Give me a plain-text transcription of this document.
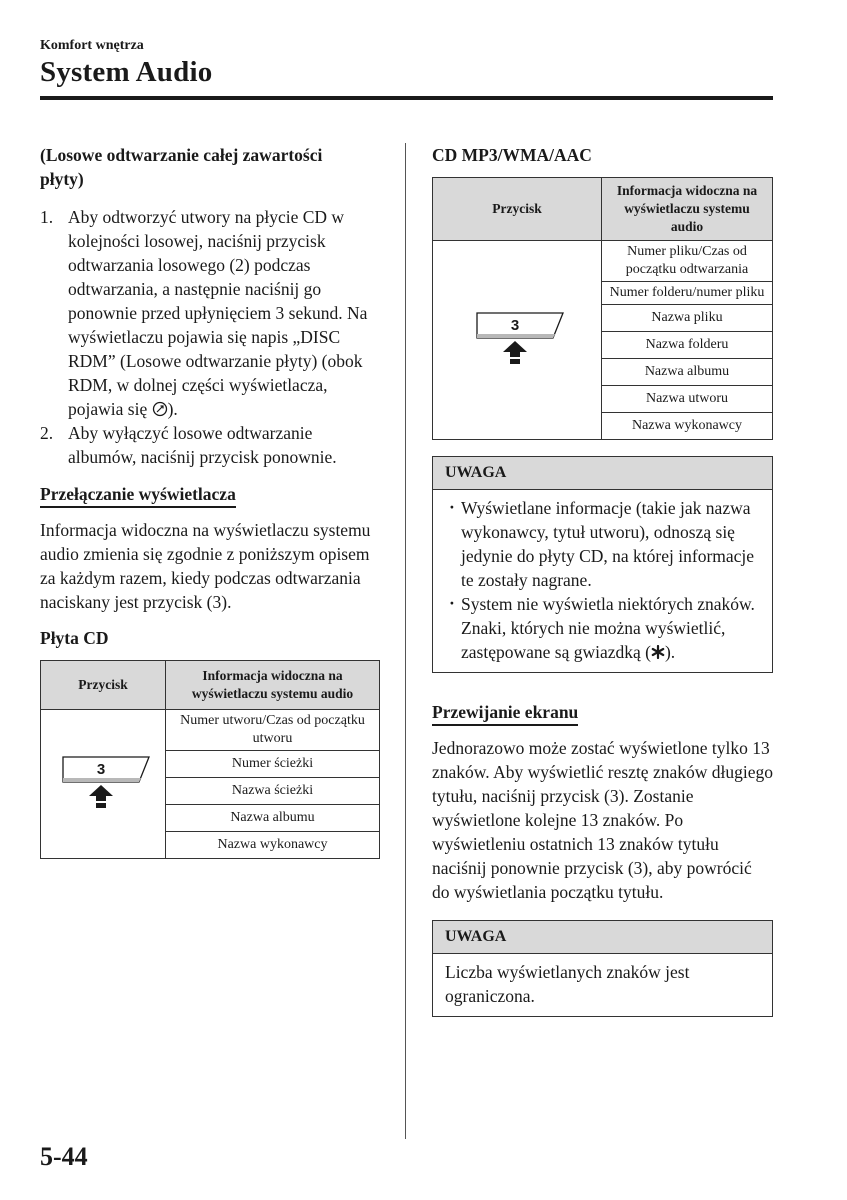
Komfort wnętrza
System Audio

(Losowe odtwarzanie całej zawartości płyty)

1. Aby odtworzyć utwory na płycie CD w kolejności losowej, naciśnij przycisk odtwarzania losowego (2) podczas odtwarzania, a następnie naciśnij go ponownie przed upłynięciem 3 sekund. Na wyświetlaczu pojawia się napis „DISC RDM” (Losowe odtwarzanie płyty) (obok RDM, w dolnej części wyświetlacza, pojawia się ).
2. Aby wyłączyć losowe odtwarzanie albumów, naciśnij przycisk ponownie.
Przełączanie wyświetlacza

Informacja widoczna na wyświetlaczu systemu audio zmienia się zgodnie z poniższym opisem za każdym razem, kiedy podczas odtwarzania naciskany jest przycisk (3).

Płyta CD

Przycisk	Informacja widoczna na wyświetlaczu systemu audio

3	Numer utworu/Czas od początku utworu
	Numer ścieżki
	Nazwa ścieżki
	Nazwa albumu
	Nazwa wykonawcy

CD MP3/WMA/AAC

Przycisk	Informacja widoczna na wyświetlaczu systemu audio

3	Numer pliku/Czas od początku odtwarzania
	Numer folderu/numer pliku
	Nazwa pliku
	Nazwa folderu
	Nazwa albumu
	Nazwa utworu
	Nazwa wykonawcy
UWAGA
· Wyświetlane informacje (takie jak nazwa wykonawcy, tytuł utworu), odnoszą się jedynie do płyty CD, na której informacje te zostały nagrane.
· System nie wyświetla niektórych znaków. Znaki, których nie można wyświetlić, zastępowane są gwiazdką ( ).
Przewijanie ekranu

Jednorazowo może zostać wyświetlone tylko 13 znaków. Aby wyświetlić resztę znaków długiego tytułu, naciśnij przycisk (3). Zostanie wyświetlone kolejne 13 znaków. Po wyświetleniu ostatnich 13 znaków tytułu naciśnij ponownie przycisk (3), aby powrócić do wyświetlania początku tytułu.

UWAGA
Liczba wyświetlanych znaków jest ograniczona.
5-44
